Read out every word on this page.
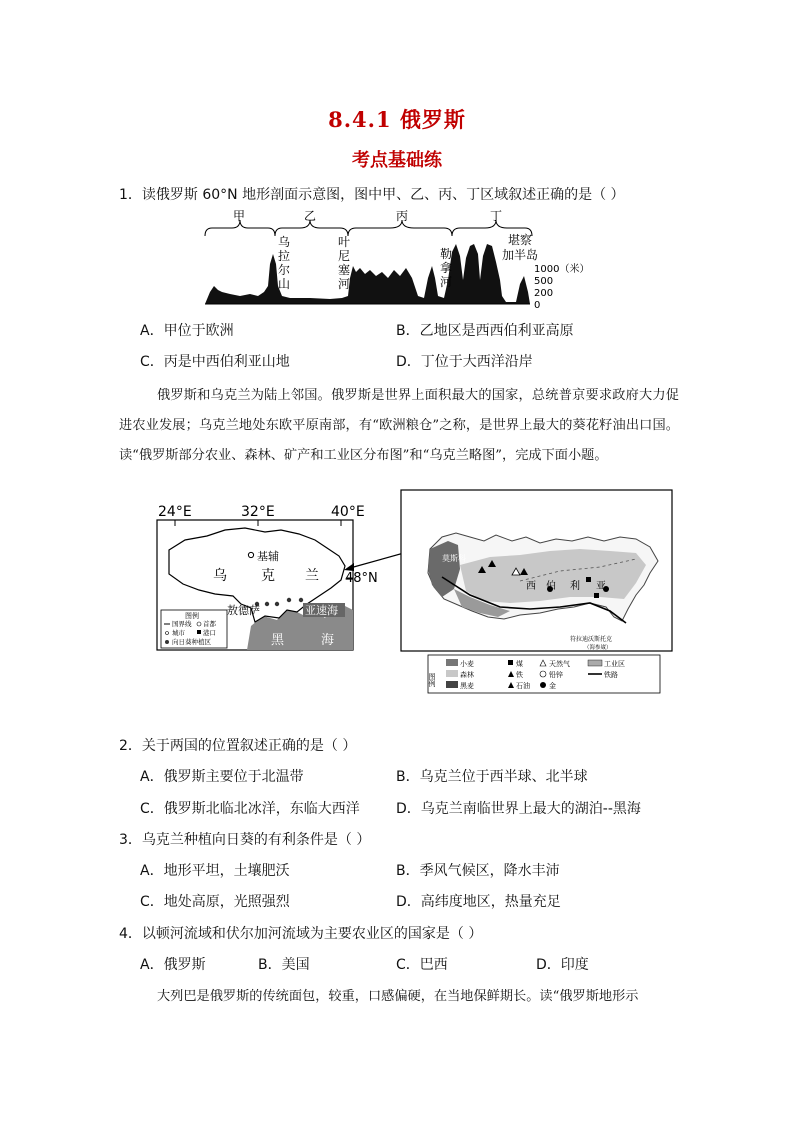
8.4.1 俄罗斯
考点基础练
1．读俄罗斯 60°N 地形剖面示意图，图中甲、乙、丙、丁区域叙述正确的是（ ）
甲	乙	丙	丁
乌
拉
尔
山
叶
尼
塞
河
勒
拿
河
堪察
加半岛
1000（米）
500
200
0
A．甲位于欧洲	B．乙地区是西西伯利亚高原
C．丙是中西伯利亚山地	D．丁位于大西洋沿岸
俄罗斯和乌克兰为陆上邻国。俄罗斯是世界上面积最大的国家，总统普京要求政府大力促进农业发展；乌克兰地处东欧平原南部，有“欧洲粮仓”之称，是世界上最大的葵花籽油出口国。读“俄罗斯部分农业、森林、矿产和工业区分布图”和“乌克兰略图”，完成下面小题。
24°E	32°E	40°E
基辅
乌 克 兰 48°N
敖德萨	亚速海
黑	海
图例
国界线 首都
城市	港口
向日葵种植区
莫斯科
西 伯 利 亚
符拉迪沃斯托克
（海参崴）
图例
小麦	煤	天然气	工业区
森林	铁	铅锌	铁路
黑麦	石油	金
2．关于两国的位置叙述正确的是（ ）
A．俄罗斯主要位于北温带	B．乌克兰位于西半球、北半球
C．俄罗斯北临北冰洋，东临大西洋	D．乌克兰南临世界上最大的湖泊--黑海
3．乌克兰种植向日葵的有利条件是（ ）
A．地形平坦，土壤肥沃	B．季风气候区，降水丰沛
C．地处高原，光照强烈	D．高纬度地区，热量充足
4．以顿河流域和伏尔加河流域为主要农业区的国家是（ ）
A．俄罗斯	B．美国	C．巴西	D．印度
大列巴是俄罗斯的传统面包，较重，口感偏硬，在当地保鲜期长。读“俄罗斯地形示
